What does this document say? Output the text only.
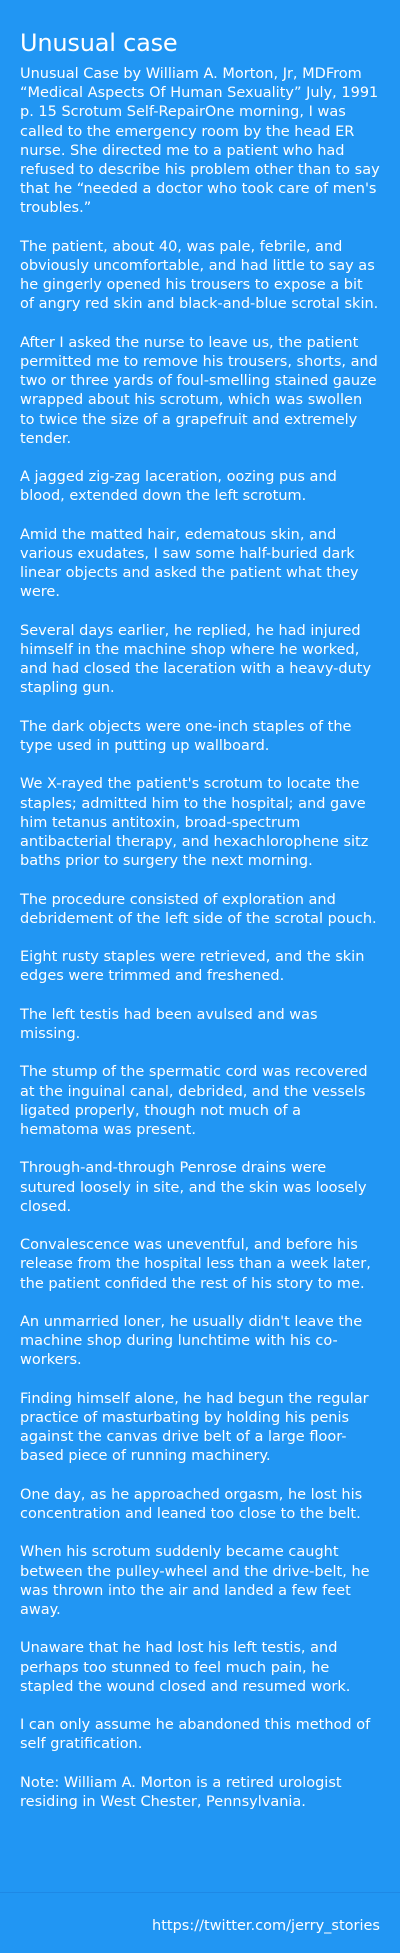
Unusual case

Unusual Case by William A. Morton, Jr, MDFrom “Medical Aspects Of Human Sexuality” July, 1991 p. 15 Scrotum Self-RepairOne morning, I was called to the emergency room by the head ER nurse. She directed me to a patient who had refused to describe his problem other than to say that he “needed a doctor who took care of men's troubles.”

The patient, about 40, was pale, febrile, and obviously uncomfortable, and had little to say as he gingerly opened his trousers to expose a bit of angry red skin and black-and-blue scrotal skin.

After I asked the nurse to leave us, the patient permitted me to remove his trousers, shorts, and two or three yards of foul-smelling stained gauze wrapped about his scrotum, which was swollen to twice the size of a grapefruit and extremely tender.

A jagged zig-zag laceration, oozing pus and blood, extended down the left scrotum.

Amid the matted hair, edematous skin, and various exudates, I saw some half-buried dark linear objects and asked the patient what they were.

Several days earlier, he replied, he had injured himself in the machine shop where he worked, and had closed the laceration with a heavy-duty stapling gun.

The dark objects were one-inch staples of the type used in putting up wallboard.

We X-rayed the patient's scrotum to locate the staples; admitted him to the hospital; and gave him tetanus antitoxin, broad-spectrum antibacterial therapy, and hexachlorophene sitz baths prior to surgery the next morning.

The procedure consisted of exploration and debridement of the left side of the scrotal pouch.

Eight rusty staples were retrieved, and the skin edges were trimmed and freshened.

The left testis had been avulsed and was missing.

The stump of the spermatic cord was recovered at the inguinal canal, debrided, and the vessels ligated properly, though not much of a hematoma was present.

Through-and-through Penrose drains were sutured loosely in site, and the skin was loosely closed.

Convalescence was uneventful, and before his release from the hospital less than a week later, the patient confided the rest of his story to me.

An unmarried loner, he usually didn't leave the machine shop during lunchtime with his co-workers.

Finding himself alone, he had begun the regular practice of masturbating by holding his penis against the canvas drive belt of a large floor-based piece of running machinery.

One day, as he approached orgasm, he lost his concentration and leaned too close to the belt.

When his scrotum suddenly became caught between the pulley-wheel and the drive-belt, he was thrown into the air and landed a few feet away.

Unaware that he had lost his left testis, and perhaps too stunned to feel much pain, he stapled the wound closed and resumed work.

I can only assume he abandoned this method of self gratification.

Note: William A. Morton is a retired urologist residing in West Chester, Pennsylvania.

https://twitter.com/jerry_stories
